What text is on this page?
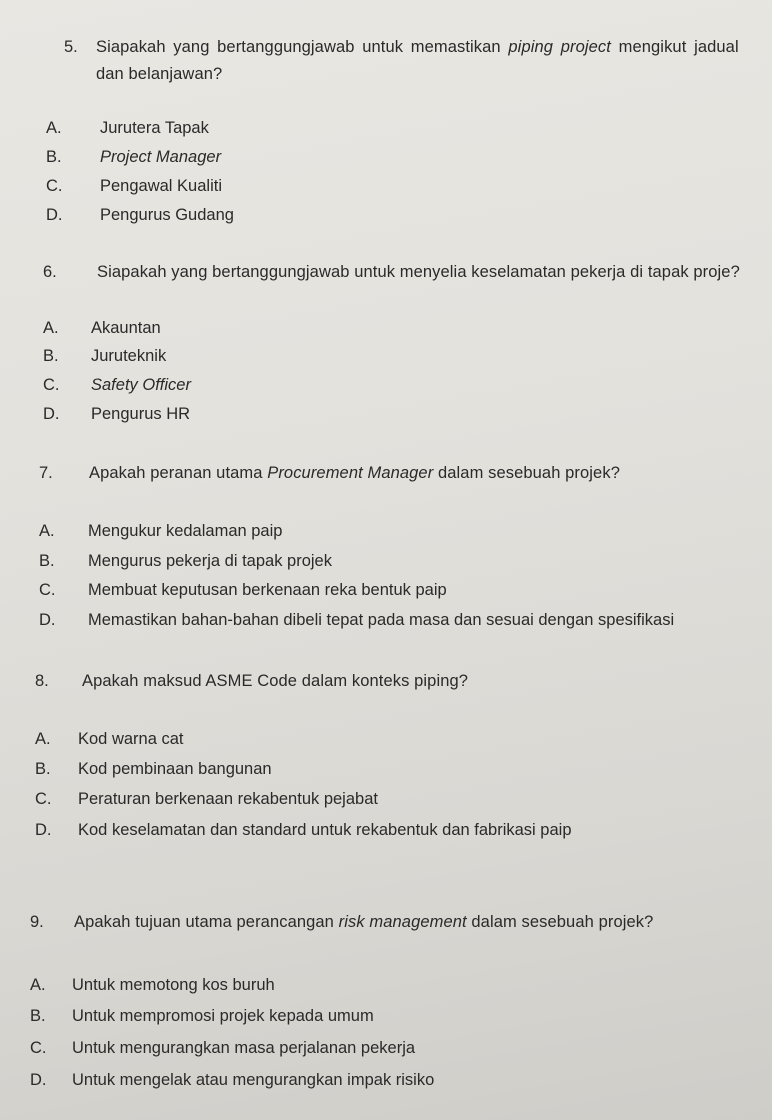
5. Siapakah yang bertanggungjawab untuk memastikan piping project mengikut jadual
dan belanjawan?
A. Jurutera Tapak
B. Project Manager
C. Pengawal Kualiti
D. Pengurus Gudang
6. Siapakah yang bertanggungjawab untuk menyelia keselamatan pekerja di tapak proje?
A. Akauntan
B. Juruteknik
C. Safety Officer
D. Pengurus HR
7. Apakah peranan utama Procurement Manager dalam sesebuah projek?
A. Mengukur kedalaman paip
B. Mengurus pekerja di tapak projek
C. Membuat keputusan berkenaan reka bentuk paip
D. Memastikan bahan-bahan dibeli tepat pada masa dan sesuai dengan spesifikasi
8. Apakah maksud ASME Code dalam konteks piping?
A. Kod warna cat
B. Kod pembinaan bangunan
C. Peraturan berkenaan rekabentuk pejabat
D. Kod keselamatan dan standard untuk rekabentuk dan fabrikasi paip
9. Apakah tujuan utama perancangan risk management dalam sesebuah projek?
A. Untuk memotong kos buruh
B. Untuk mempromosi projek kepada umum
C. Untuk mengurangkan masa perjalanan pekerja
D. Untuk mengelak atau mengurangkan impak risiko
